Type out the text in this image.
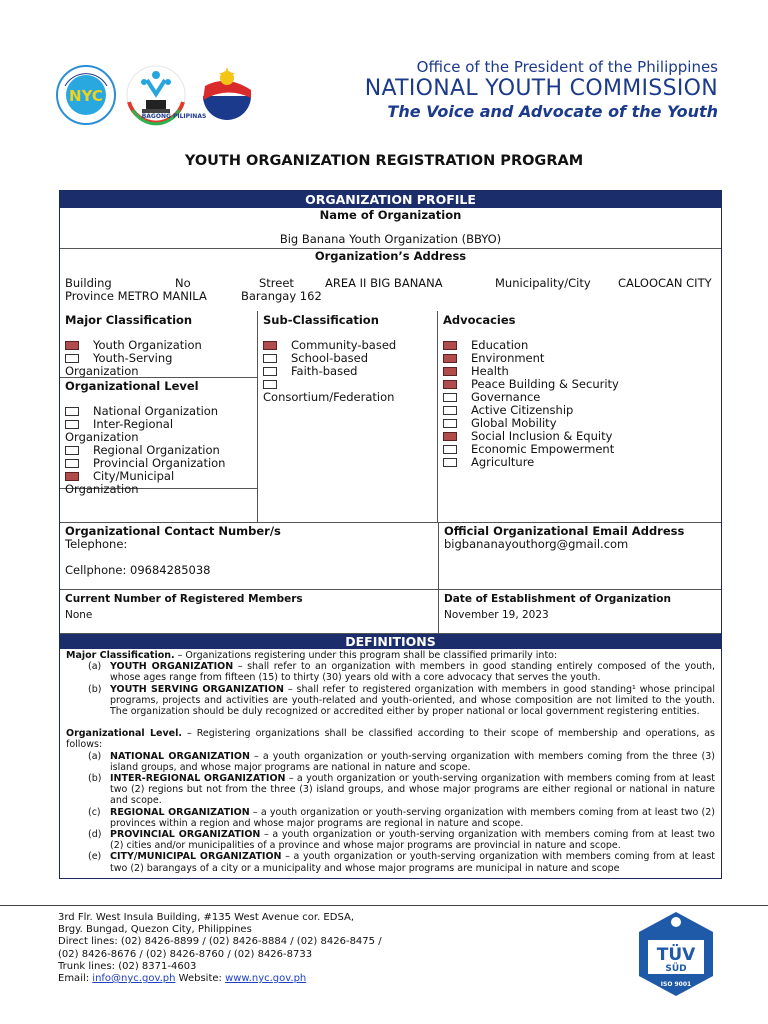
NYC
BAGONG PILIPINAS
Office of the President of the Philippines
NATIONAL YOUTH COMMISSION
The Voice and Advocate of the Youth
YOUTH ORGANIZATION REGISTRATION PROGRAM
ORGANIZATION PROFILE
Name of Organization
Big Banana Youth Organization (BBYO)
Organization’s Address
Building	No	Street	AREA II BIG BANANA	Municipality/City CALOOCAN CITY
Province METRO MANILA	Barangay 162
Major Classification
Youth Organization
Youth-Serving
Organization
Sub-Classification
Community-based
School-based
Faith-based
Consortium/Federation
Advocacies
Education
Environment
Health
Peace Building & Security
Governance
Active Citizenship
Global Mobility
Social Inclusion & Equity
Economic Empowerment
Agriculture
Organizational Level
National Organization
Inter-Regional
Organization
Regional Organization
Provincial Organization
City/Municipal
Organization
Organizational Contact Number/s
Telephone:
Cellphone: 09684285038
Official Organizational Email Address
bigbananayouthorg@gmail.com
Current Number of Registered Members
None
Date of Establishment of Organization
November 19, 2023
DEFINITIONS

Major Classification. – Organizations registering under this program shall be classified primarily into:

(a) YOUTH ORGANIZATION – shall refer to an organization with members in good standing entirely composed of the youth, whose ages range from fifteen (15) to thirty (30) years old with a core advocacy that serves the youth.
(b) YOUTH SERVING ORGANIZATION – shall refer to registered organization with members in good standing¹ whose principal programs, projects and activities are youth-related and youth-oriented, and whose composition are not limited to the youth. The organization should be duly recognized or accredited either by proper national or local government registering entities.

Organizational Level. – Registering organizations shall be classified according to their scope of membership and operations, as follows:

(a) NATIONAL ORGANIZATION – a youth organization or youth-serving organization with members coming from the three (3) island groups, and whose major programs are national in nature and scope.
(b) INTER-REGIONAL ORGANIZATION – a youth organization or youth-serving organization with members coming from at least two (2) regions but not from the three (3) island groups, and whose major programs are either regional or national in nature and scope.
(c) REGIONAL ORGANIZATION – a youth organization or youth-serving organization with members coming from at least two (2) provinces within a region and whose major programs are regional in nature and scope.
(d) PROVINCIAL ORGANIZATION – a youth organization or youth-serving organization with members coming from at least two (2) cities and/or municipalities of a province and whose major programs are provincial in nature and scope.
(e) CITY/MUNICIPAL ORGANIZATION – a youth organization or youth-serving organization with members coming from at least two (2) barangays of a city or a municipality and whose major programs are municipal in nature and scope
3rd Flr. West Insula Building, #135 West Avenue cor. EDSA,
Brgy. Bungad, Quezon City, Philippines
Direct lines: (02) 8426-8899 / (02) 8426-8884 / (02) 8426-8475 /
(02) 8426-8676 / (02) 8426-8760 / (02) 8426-8733
Trunk lines: (02) 8371-4603
Email: info@nyc.gov.ph Website: www.nyc.gov.ph
TÜV
SÜD
ISO 9001
